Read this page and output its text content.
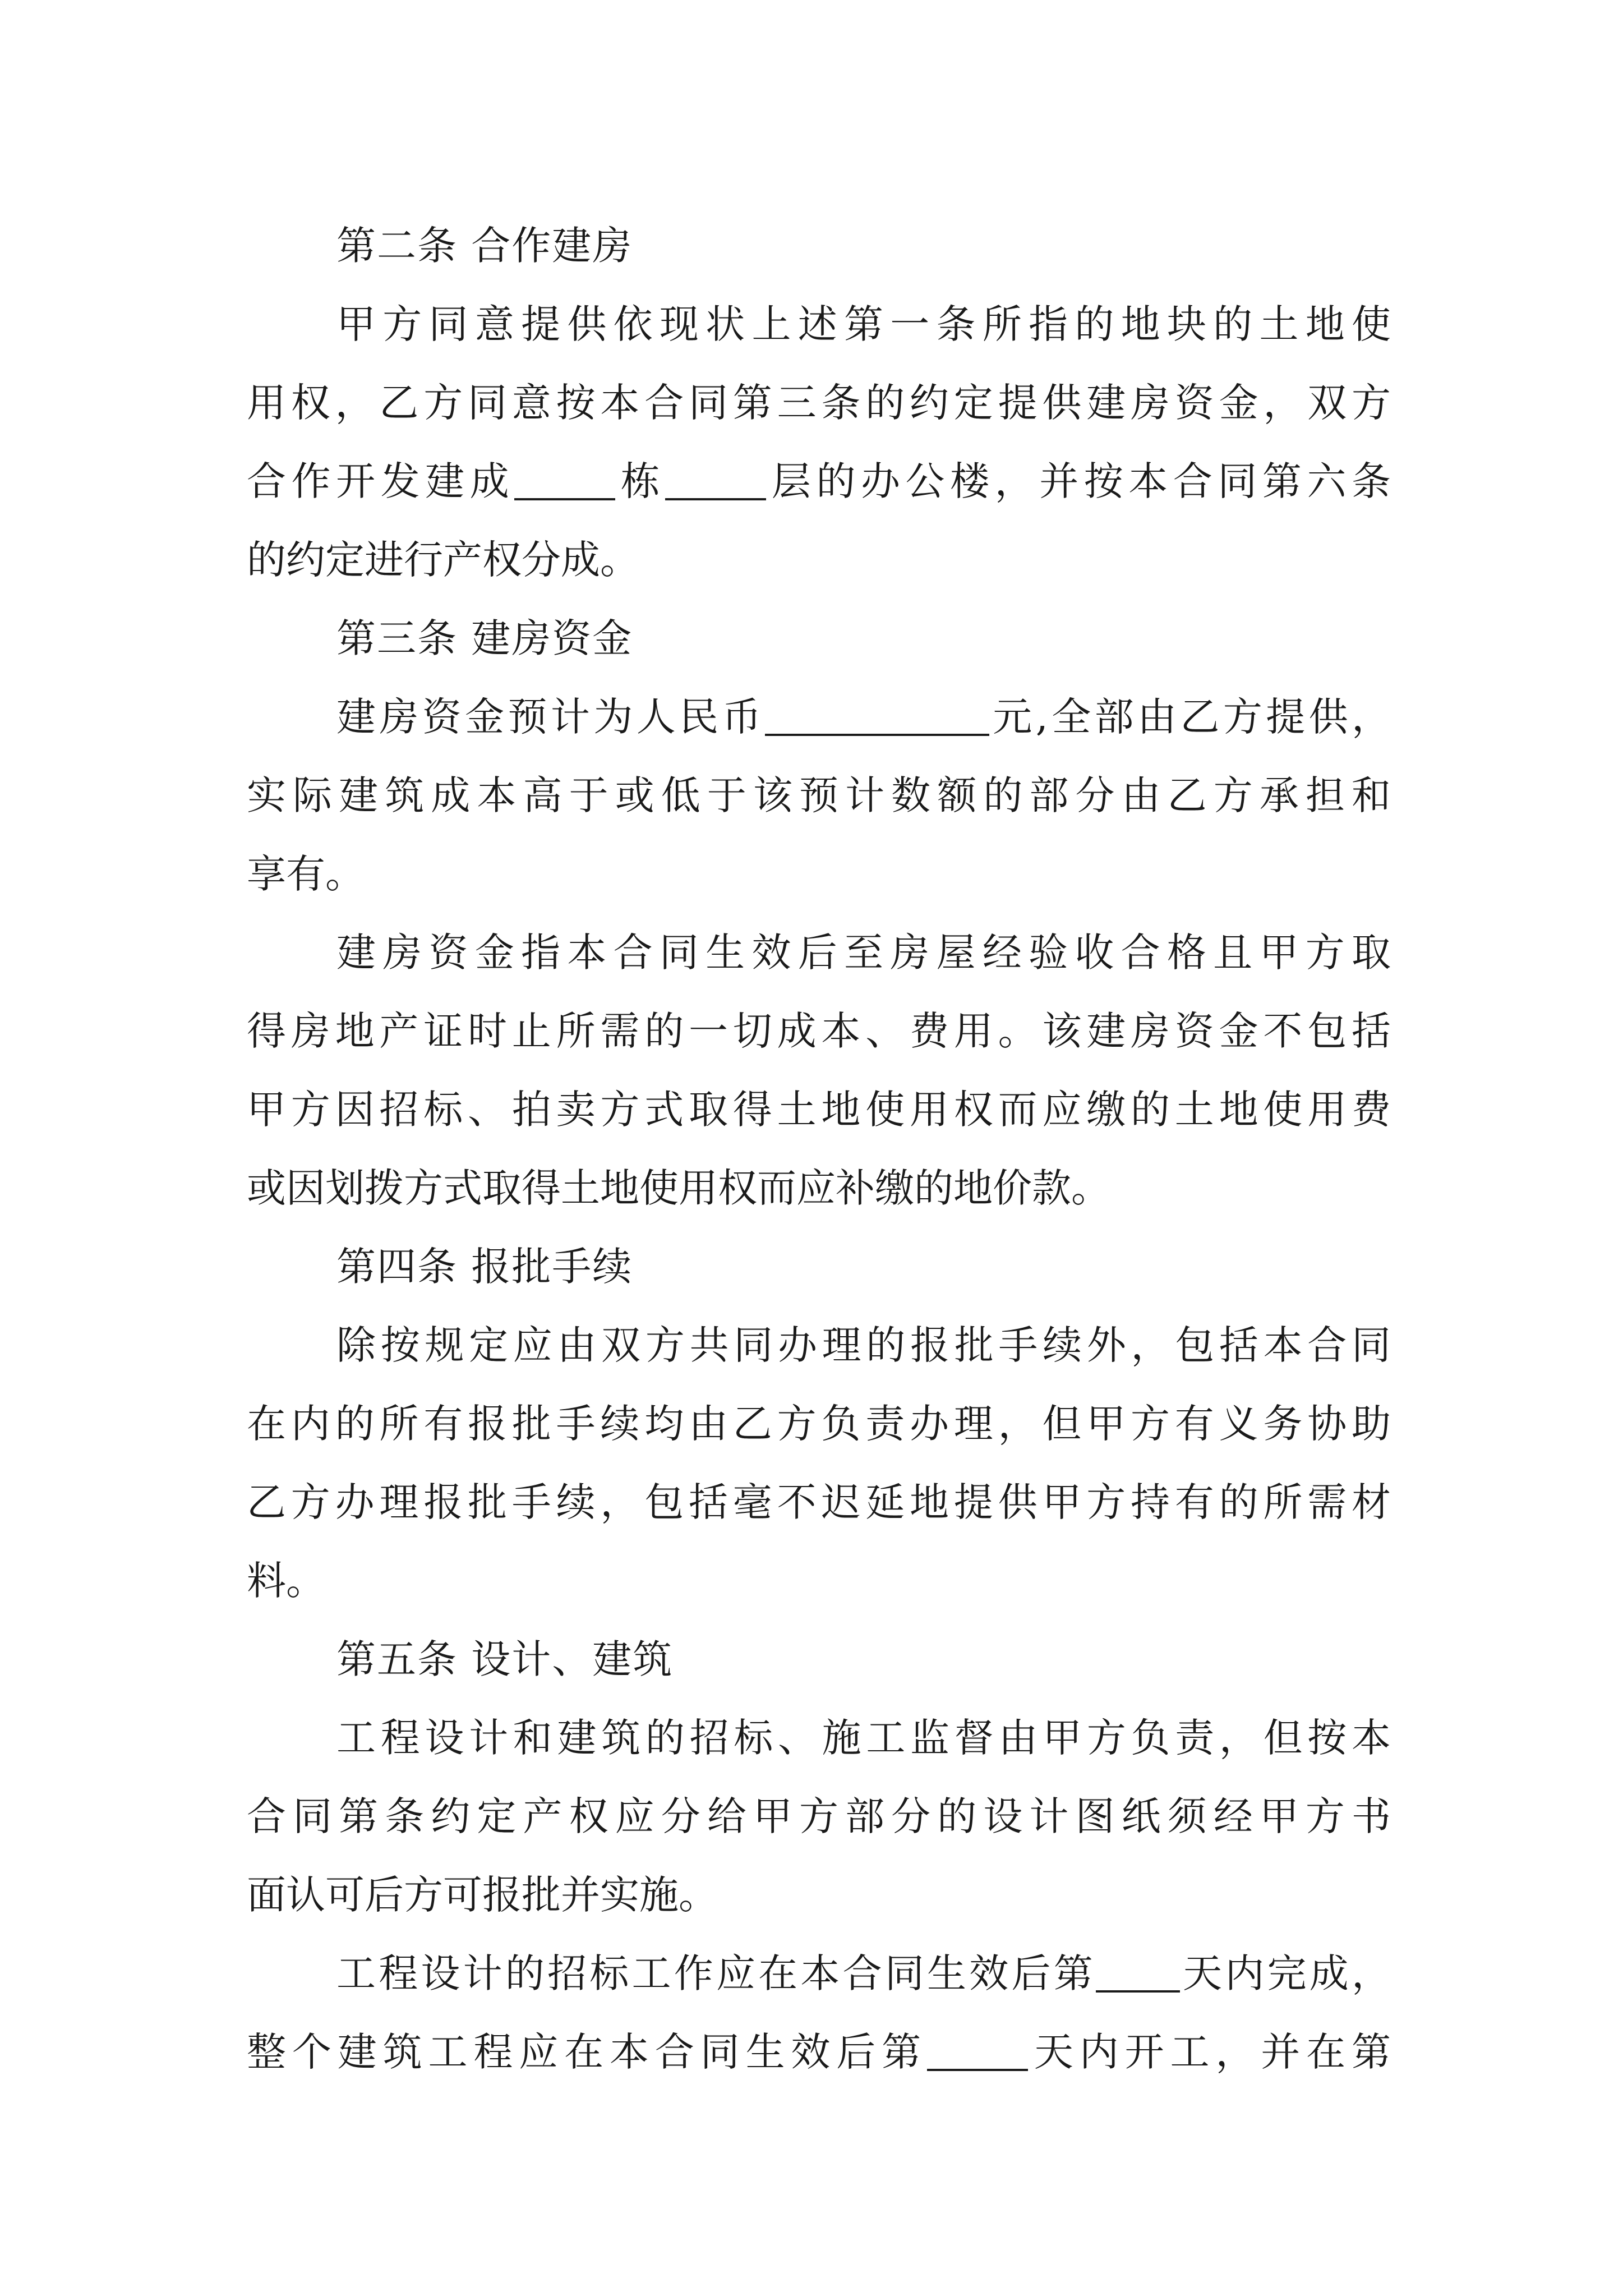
第二条 合作建房
甲方同意提供依现状上述第一条所指的地块的土地使
用权，乙方同意按本合同第三条的约定提供建房资金，双方
合作开发建成	栋	层的办公楼，并按本合同第六条
的约定进行产权分成。
第三条 建房资金
建房资金预计为人民币	元,全部由乙方提供，
实际建筑成本高于或低于该预计数额的部分由乙方承担和
享有。
建房资金指本合同生效后至房屋经验收合格且甲方取
得房地产证时止所需的一切成本、费用。该建房资金不包括
甲方因招标、拍卖方式取得土地使用权而应缴的土地使用费
或因划拨方式取得土地使用权而应补缴的地价款。
第四条 报批手续
除按规定应由双方共同办理的报批手续外，包括本合同
在内的所有报批手续均由乙方负责办理，但甲方有义务协助
乙方办理报批手续，包括毫不迟延地提供甲方持有的所需材
料。
第五条 设计、建筑
工程设计和建筑的招标、施工监督由甲方负责，但按本
合同第条约定产权应分给甲方部分的设计图纸须经甲方书
面认可后方可报批并实施。
工程设计的招标工作应在本合同生效后第 天内完成，
整个建筑工程应在本合同生效后第	天内开工，并在第
